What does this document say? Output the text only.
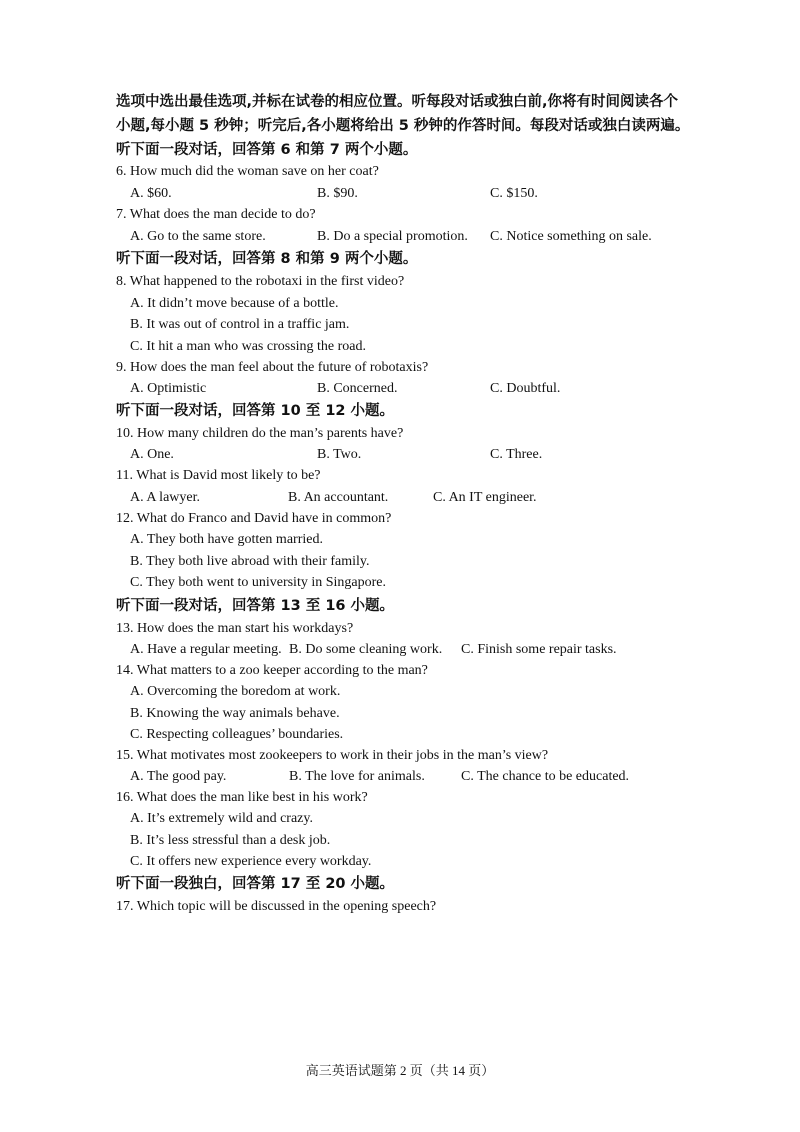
选项中选出最佳选项,并标在试卷的相应位置。听每段对话或独白前,你将有时间阅读各个
小题,每小题 5 秒钟；听完后,各小题将给出 5 秒钟的作答时间。每段对话或独白读两遍。
听下面一段对话，回答第 6 和第 7 两个小题。
6. How much did the woman save on her coat?
A. $60.	B. $90.	C. $150.
7. What does the man decide to do?
A. Go to the same store.	B. Do a special promotion. C. Notice something on sale.
听下面一段对话，回答第 8 和第 9 两个小题。
8. What happened to the robotaxi in the first video?
A. It didn’t move because of a bottle.
B. It was out of control in a traffic jam.
C. It hit a man who was crossing the road.
9. How does the man feel about the future of robotaxis?
A. Optimistic	B. Concerned.	C. Doubtful.
听下面一段对话，回答第 10 至 12 小题。
10. How many children do the man’s parents have?
A. One.	B. Two.	C. Three.
11. What is David most likely to be?
A. A lawyer.	B. An accountant.	C. An IT engineer.
12. What do Franco and David have in common?
A. They both have gotten married.
B. They both live abroad with their family.
C. They both went to university in Singapore.
听下面一段对话，回答第 13 至 16 小题。
13. How does the man start his workdays?
A. Have a regular meeting. B. Do some cleaning work. C. Finish some repair tasks.
14. What matters to a zoo keeper according to the man?
A. Overcoming the boredom at work.
B. Knowing the way animals behave.
C. Respecting colleagues’ boundaries.
15. What motivates most zookeepers to work in their jobs in the man’s view?
A. The good pay.	B. The love for animals.	C. The chance to be educated.
16. What does the man like best in his work?
A. It’s extremely wild and crazy.
B. It’s less stressful than a desk job.
C. It offers new experience every workday.
听下面一段独白，回答第 17 至 20 小题。
17. Which topic will be discussed in the opening speech?
高三英语试题第 2 页（共 14 页）
